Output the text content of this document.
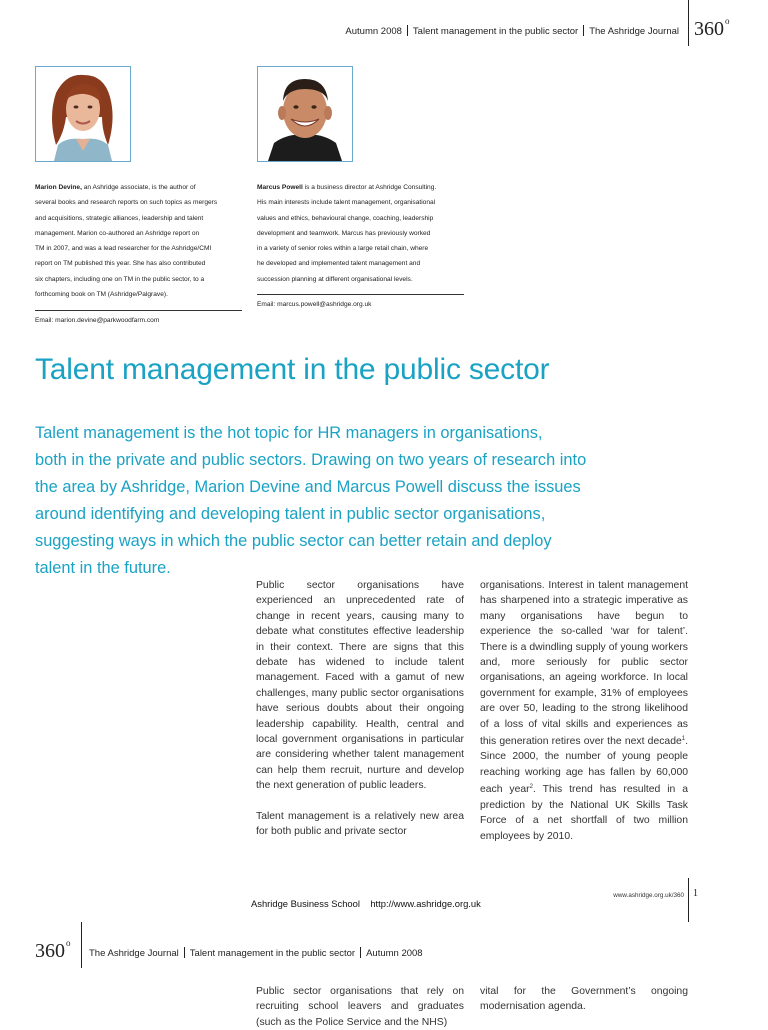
Autumn 2008 Talent management in the public sector The Ashridge Journal 360$^o$
Marion Devine, an Ashridge associate, is the author of
several books and research reports on such topics as mergers
and acquisitions, strategic alliances, leadership and talent
management. Marion co-authored an Ashridge report on
TM in 2007, and was a lead researcher for the Ashridge/CMI
report on TM published this year. She has also contributed
six chapters, including one on TM in the public sector, to a
forthcoming book on TM (Ashridge/Palgrave).
Email: marion.devine@parkwoodfarm.com
Marcus Powell is a business director at Ashridge Consulting.
His main interests include talent management, organisational
values and ethics, behavioural change, coaching, leadership
development and teamwork. Marcus has previously worked
in a variety of senior roles within a large retail chain, where
he developed and implemented talent management and
succession planning at different organisational levels.
Email: marcus.powell@ashridge.org.uk
Talent management in the public sector
Talent management is the hot topic for HR managers in organisations,
both in the private and public sectors. Drawing on two years of research into
the area by Ashridge, Marion Devine and Marcus Powell discuss the issues
around identifying and developing talent in public sector organisations,
suggesting ways in which the public sector can better retain and deploy
talent in the future.

Public sector organisations have experienced an unprecedented rate of change in recent years, causing many to debate what constitutes effective leadership in their context. There are signs that this debate has widened to include talent management. Faced with a gamut of new challenges, many public sector organisations have serious doubts about their ongoing leadership capability. Health, central and local government organisations in particular are considering whether talent management can help them recruit, nurture and develop the next generation of public leaders.

Talent management is a relatively new area for both public and private sector

organisations. Interest in talent management has sharpened into a strategic imperative as many organisations have begun to experience the so-called ‘war for talent’. There is a dwindling supply of young workers and, more seriously for public sector organisations, an ageing workforce. In local government for example, 31% of employees are over 50, leading to the strong likelihood of a loss of vital skills and experiences as this generation retires over the next decade$^1$. Since 2000, the number of young people reaching working age has fallen by 60,000 each year$^2$. This trend has resulted in a prediction by the National UK Skills Task Force of a net shortfall of two million employees by 2010.

Ashridge Business School http://www.ashridge.org.uk
www.ashridge.org.uk/360 1
360$^o$
The Ashridge Journal Talent management in the public sector Autumn 2008
Public sector organisations that rely on recruiting school leavers and graduates (such as the Police Service and the NHS)
vital for the Government’s ongoing modernisation agenda.
